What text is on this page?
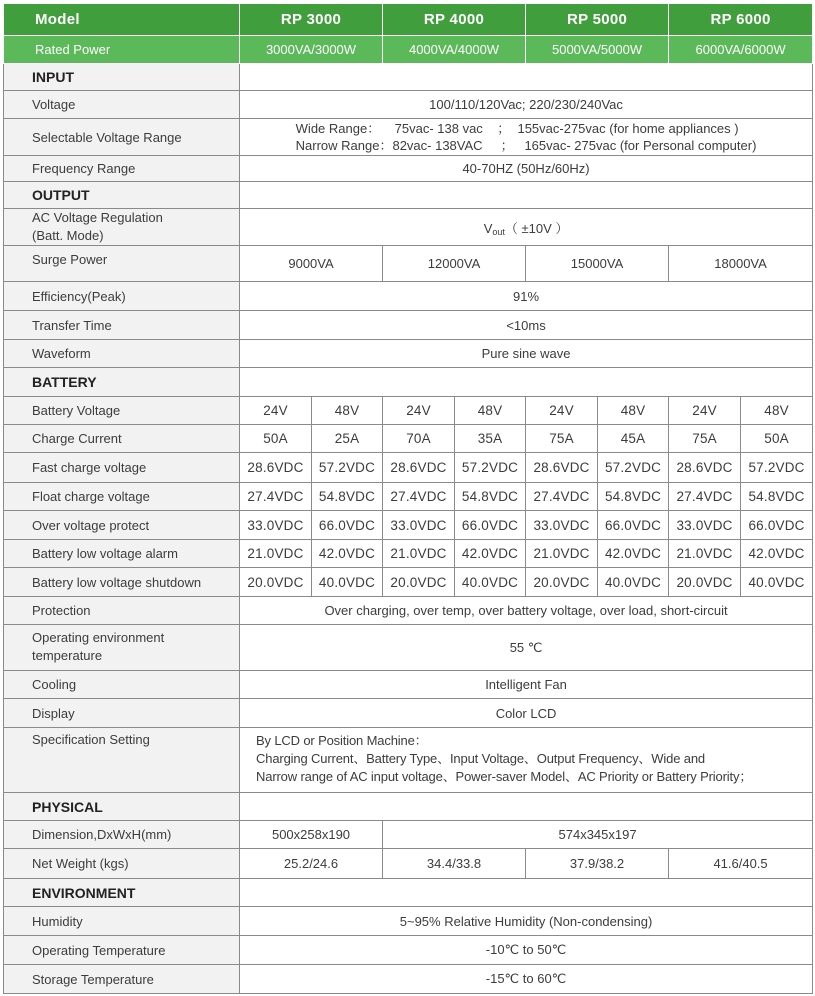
Model	RP 3000		RP 4000		RP 5000		RP 6000	
Rated Power	3000VA/3000W		4000VA/4000W		5000VA/5000W		6000VA/6000W	
INPUT								
Voltage	100/110/120Vac; 220/230/240Vac							
Selectable Voltage Range	Wide Range：    75vac- 138 vac    ；  155vac-275vac (for home appliances )
Narrow Range：82vac- 138VAC     ；   165vac- 275vac (for Personal computer)							

Frequency Range	40-70HZ (50Hz/60Hz)							
OUTPUT								

AC Voltage Regulation
(Batt. Mode)	$V_{out}( \pm 10V$ ）							
Surge Power	9000VA		12000VA		15000VA		18000VA	
Efficiency(Peak)	91%							
Transfer Time	<10ms							
Waveform	Pure sine wave							
BATTERY								
Battery Voltage	24V	48V	24V	48V	24V	48V	24V	48V
Charge Current	50A	25A	70A	35A	75A	45A	75A	50A
Fast charge voltage	28.6VDC	57.2VDC	28.6VDC	57.2VDC	28.6VDC	57.2VDC	28.6VDC	57.2VDC
Float charge voltage	27.4VDC	54.8VDC	27.4VDC	54.8VDC	27.4VDC	54.8VDC	27.4VDC	54.8VDC
Over voltage protect	33.0VDC	66.0VDC	33.0VDC	66.0VDC	33.0VDC	66.0VDC	33.0VDC	66.0VDC
Battery low voltage alarm	21.0VDC	42.0VDC	21.0VDC	42.0VDC	21.0VDC	42.0VDC	21.0VDC	42.0VDC
Battery low voltage shutdown	20.0VDC	40.0VDC	20.0VDC	40.0VDC	20.0VDC	40.0VDC	20.0VDC	40.0VDC
Protection	Over charging, over temp, over battery voltage, over load, short-circuit							

Operating environment
temperature	55 ℃							
Cooling	Intelligent Fan							
Display	Color LCD							
Specification Setting	By LCD or Position Machine：
Charging Current、Battery Type、Input Voltage、Output Frequency、Wide and
Narrow range of AC input voltage、Power-saver Model、AC Priority or Battery Priority；							

PHYSICAL								
Dimension,DxWxH(mm)	500x258x190		574x345x197					
Net Weight (kgs)	25.2/24.6		34.4/33.8		37.9/38.2		41.6/40.5	
ENVIRONMENT								
Humidity	5~95% Relative Humidity (Non-condensing)							
Operating Temperature	-10℃ to 50℃							
Storage Temperature	-15℃ to 60℃							
